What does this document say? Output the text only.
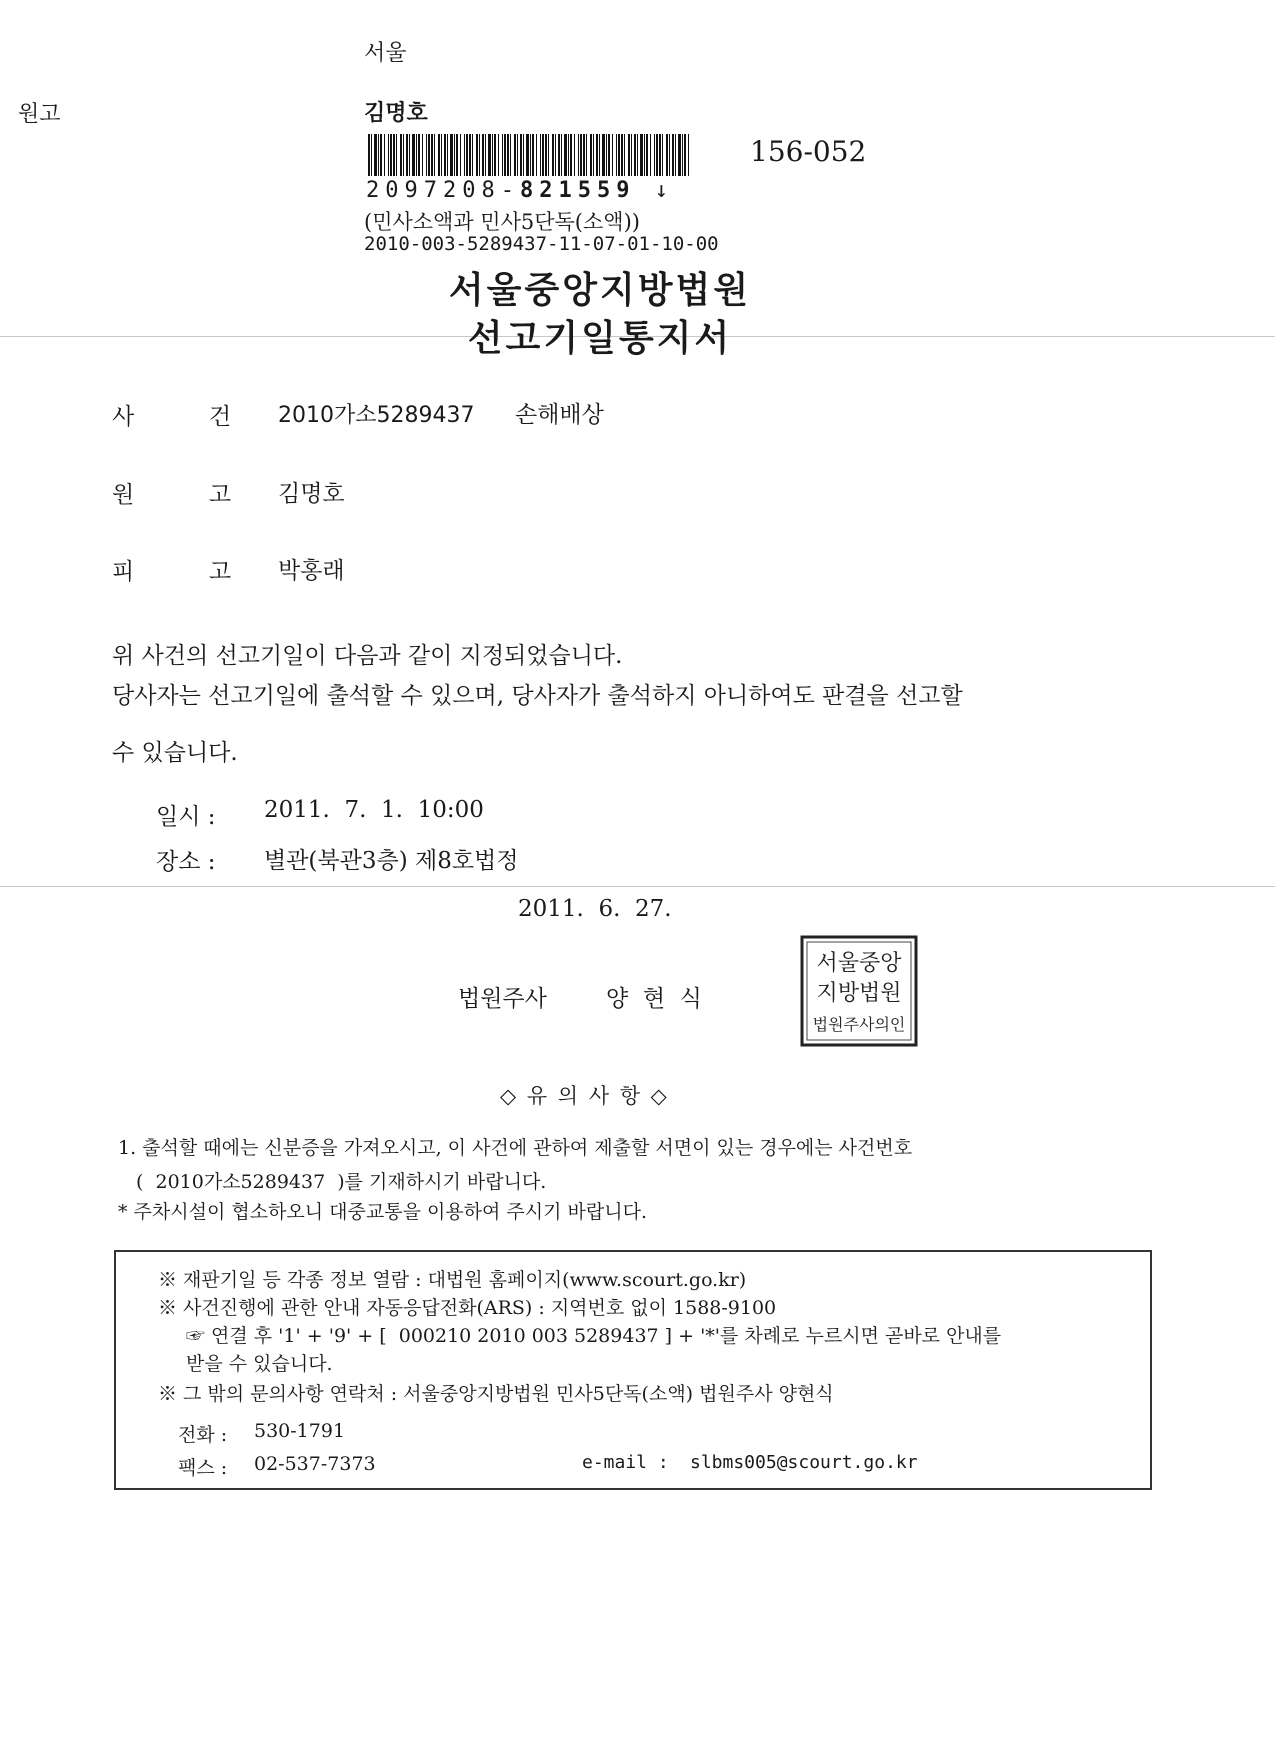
서울
원고	김명호
156-052
2097208-821559 ↓
(민사소액과 민사5단독(소액))
2010-003-5289437-11-07-01-10-00
서울중앙지방법원
선고기일통지서
사  건 2010가소5289437 손해배상
원  고 김명호
피  고 박홍래
위 사건의 선고기일이 다음과 같이 지정되었습니다.
당사자는 선고기일에 출석할 수 있으며, 당사자가 출석하지 아니하여도 판결을 선고할
수 있습니다.
일시 : 2011.  7.  1.  10:00
장소 : 별관(북관3층) 제8호법정
2011.  6.  27.
법원주사	양  현  식
서울중앙
지방법원
법원주사의인
◇ 유 의 사 항 ◇
1. 출석할 때에는 신분증을 가져오시고, 이 사건에 관하여 제출할 서면이 있는 경우에는 사건번호
(  2010가소5289437  )를 기재하시기 바랍니다.
* 주차시설이 협소하오니 대중교통을 이용하여 주시기 바랍니다.
※ 재판기일 등 각종 정보 열람 : 대법원 홈페이지(www.scourt.go.kr)
※ 사건진행에 관한 안내 자동응답전화(ARS) : 지역번호 없이 1588-9100
☞ 연결 후 '1' + '9' + [  000210 2010 003 5289437 ] + '*'를 차례로 누르시면 곧바로 안내를
받을 수 있습니다.
※ 그 밖의 문의사항 연락처 : 서울중앙지방법원 민사5단독(소액) 법원주사 양현식
전화 : 530-1791
팩스 : 02-537-7373	e-mail : slbms005@scourt.go.kr
